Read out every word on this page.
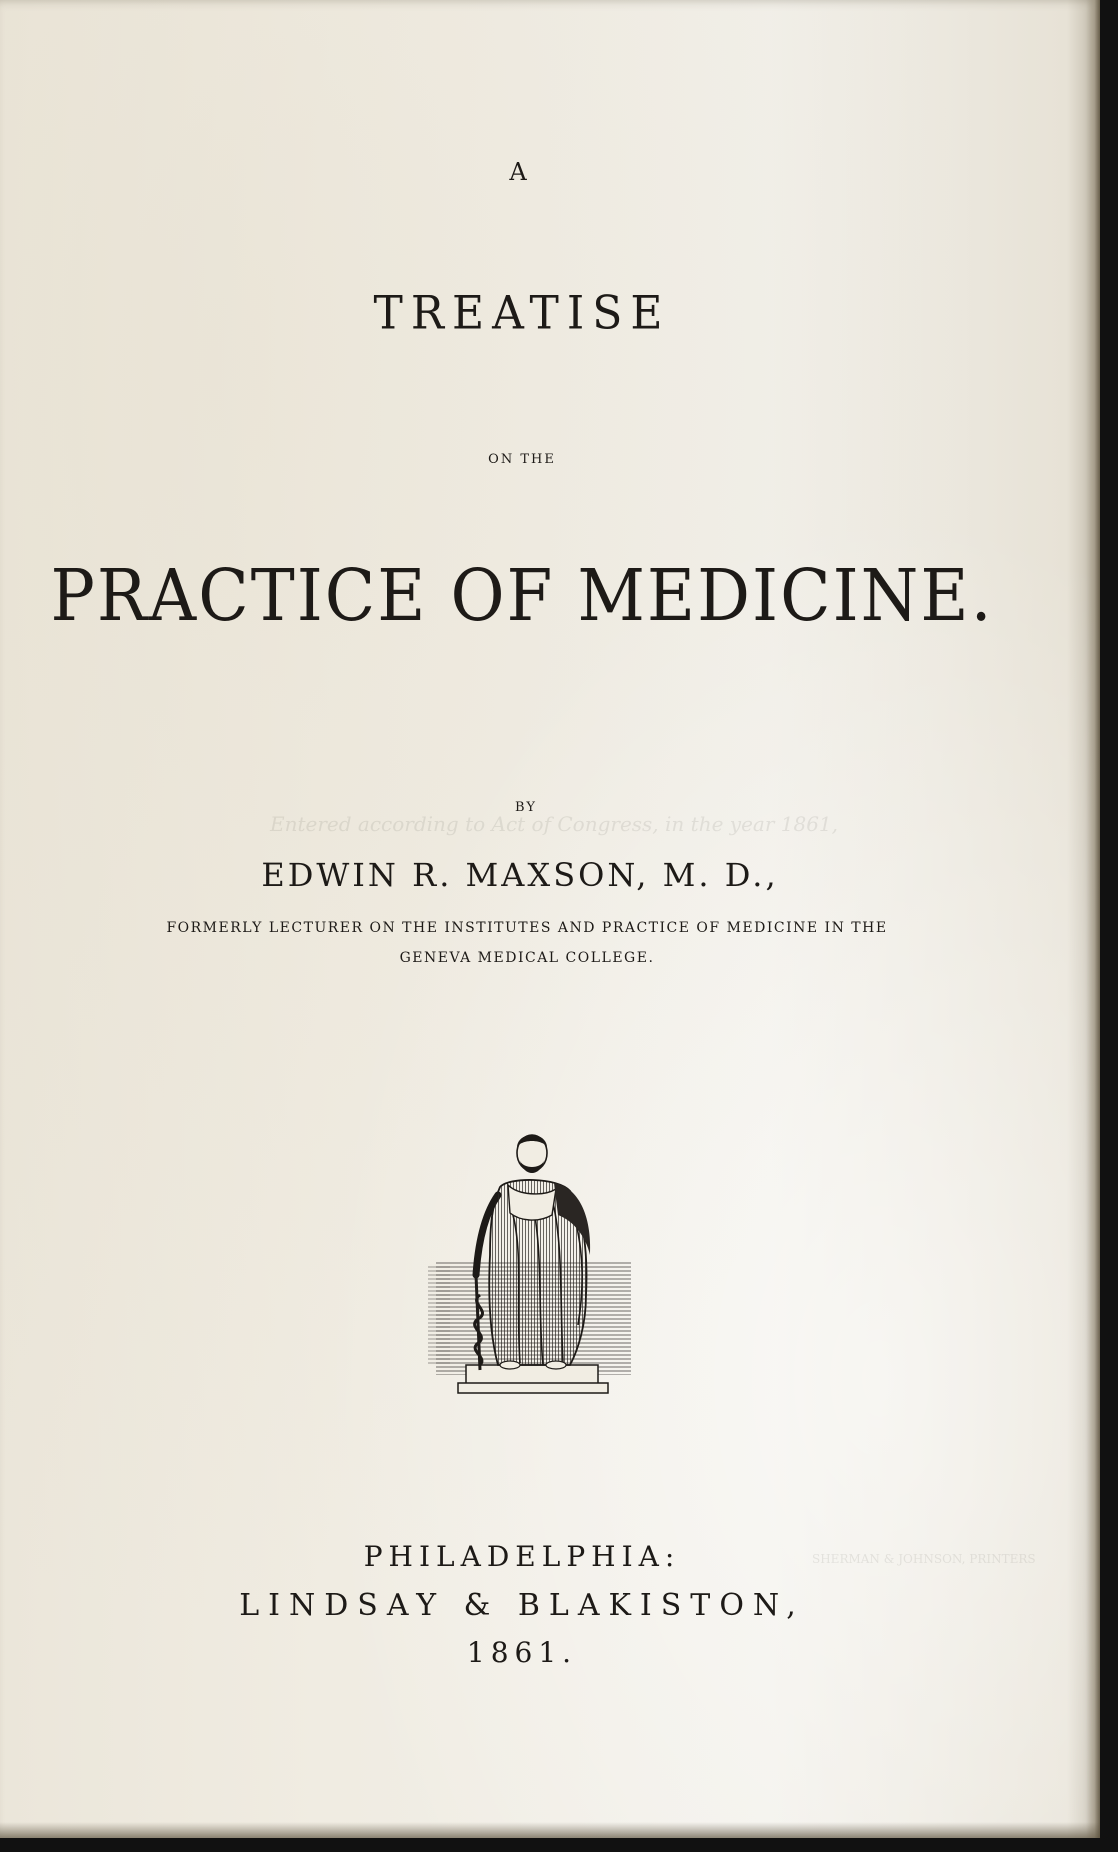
Entered according to Act of Congress, in the year 1861,
SHERMAN & JOHNSON, PRINTERS
A
TREATISE
ON THE
PRACTICE OF MEDICINE.
BY
EDWIN R. MAXSON, M. D.,
FORMERLY LECTURER ON THE INSTITUTES AND PRACTICE OF MEDICINE IN THE
GENEVA MEDICAL COLLEGE.
PHILADELPHIA:
LINDSAY & BLAKISTON,
1861.
